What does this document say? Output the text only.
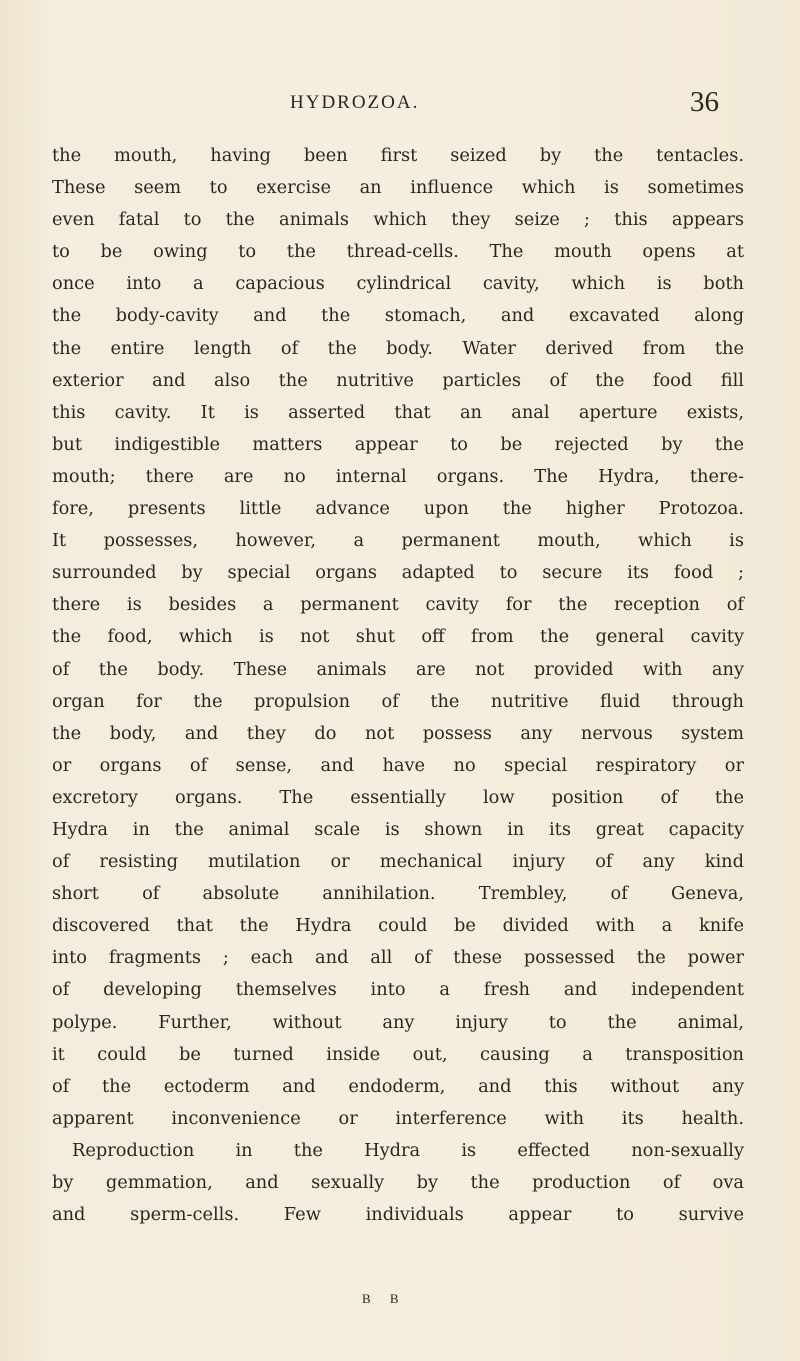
HYDROZOA.	36
the mouth, having been first seized by the tentacles.
These seem to exercise an influence which is sometimes
even fatal to the animals which they seize ; this appears
to be owing to the thread-cells. The mouth opens at
once into a capacious cylindrical cavity, which is both
the body-cavity and the stomach, and excavated along
the entire length of the body. Water derived from the
exterior and also the nutritive particles of the food fill
this cavity. It is asserted that an anal aperture exists,
but indigestible matters appear to be rejected by the
mouth; there are no internal organs. The Hydra, there-
fore, presents little advance upon the higher Protozoa.
It possesses, however, a permanent mouth, which is
surrounded by special organs adapted to secure its food ;
there is besides a permanent cavity for the reception of
the food, which is not shut off from the general cavity
of the body. These animals are not provided with any
organ for the propulsion of the nutritive fluid through
the body, and they do not possess any nervous system
or organs of sense, and have no special respiratory or
excretory organs. The essentially low position of the
Hydra in the animal scale is shown in its great capacity
of resisting mutilation or mechanical injury of any kind
short of absolute annihilation. Trembley, of Geneva,
discovered that the Hydra could be divided with a knife
into fragments ; each and all of these possessed the power
of developing themselves into a fresh and independent
polype. Further, without any injury to the animal,
it could be turned inside out, causing a transposition
of the ectoderm and endoderm, and this without any
apparent inconvenience or interference with its health.
Reproduction in the Hydra is effected non-sexually
by gemmation, and sexually by the production of ova
and sperm-cells. Few individuals appear to survive
B B
